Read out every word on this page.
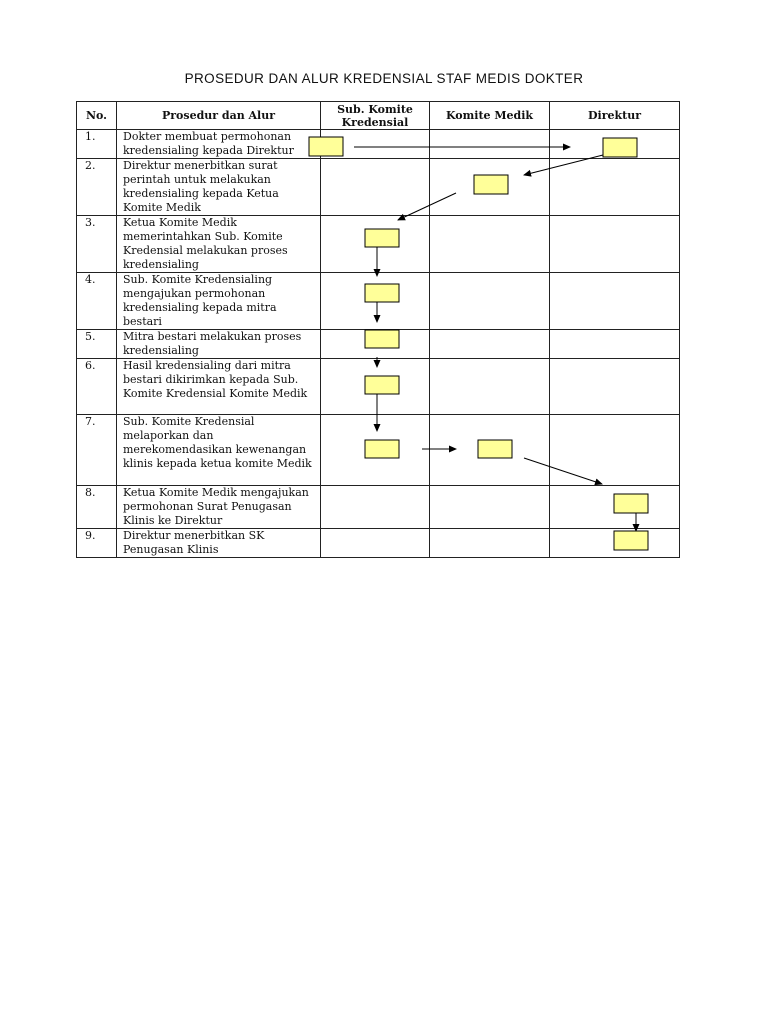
PROSEDUR DAN ALUR KREDENSIAL STAF MEDIS DOKTER
No.	Prosedur dan Alur	Sub. Komite Kredensial	Komite Medik	Direktur
1.	Dokter membuat permohonan kredensialing kepada Direktur			
2.	Direktur menerbitkan surat perintah untuk melakukan kredensialing kepada Ketua Komite Medik			
3.	Ketua Komite Medik memerintahkan Sub. Komite Kredensial melakukan proses kredensialing			
4.	Sub. Komite Kredensialing mengajukan permohonan kredensialing kepada mitra bestari			
5.	Mitra bestari melakukan proses kredensialing			
6.	Hasil kredensialing dari mitra bestari dikirimkan kepada Sub. Komite Kredensial Komite Medik			
7.	Sub. Komite Kredensial melaporkan dan merekomendasikan kewenangan klinis kepada ketua komite Medik			
8.	Ketua Komite Medik mengajukan permohonan Surat Penugasan Klinis ke Direktur			
9.	Direktur menerbitkan SK Penugasan Klinis			
